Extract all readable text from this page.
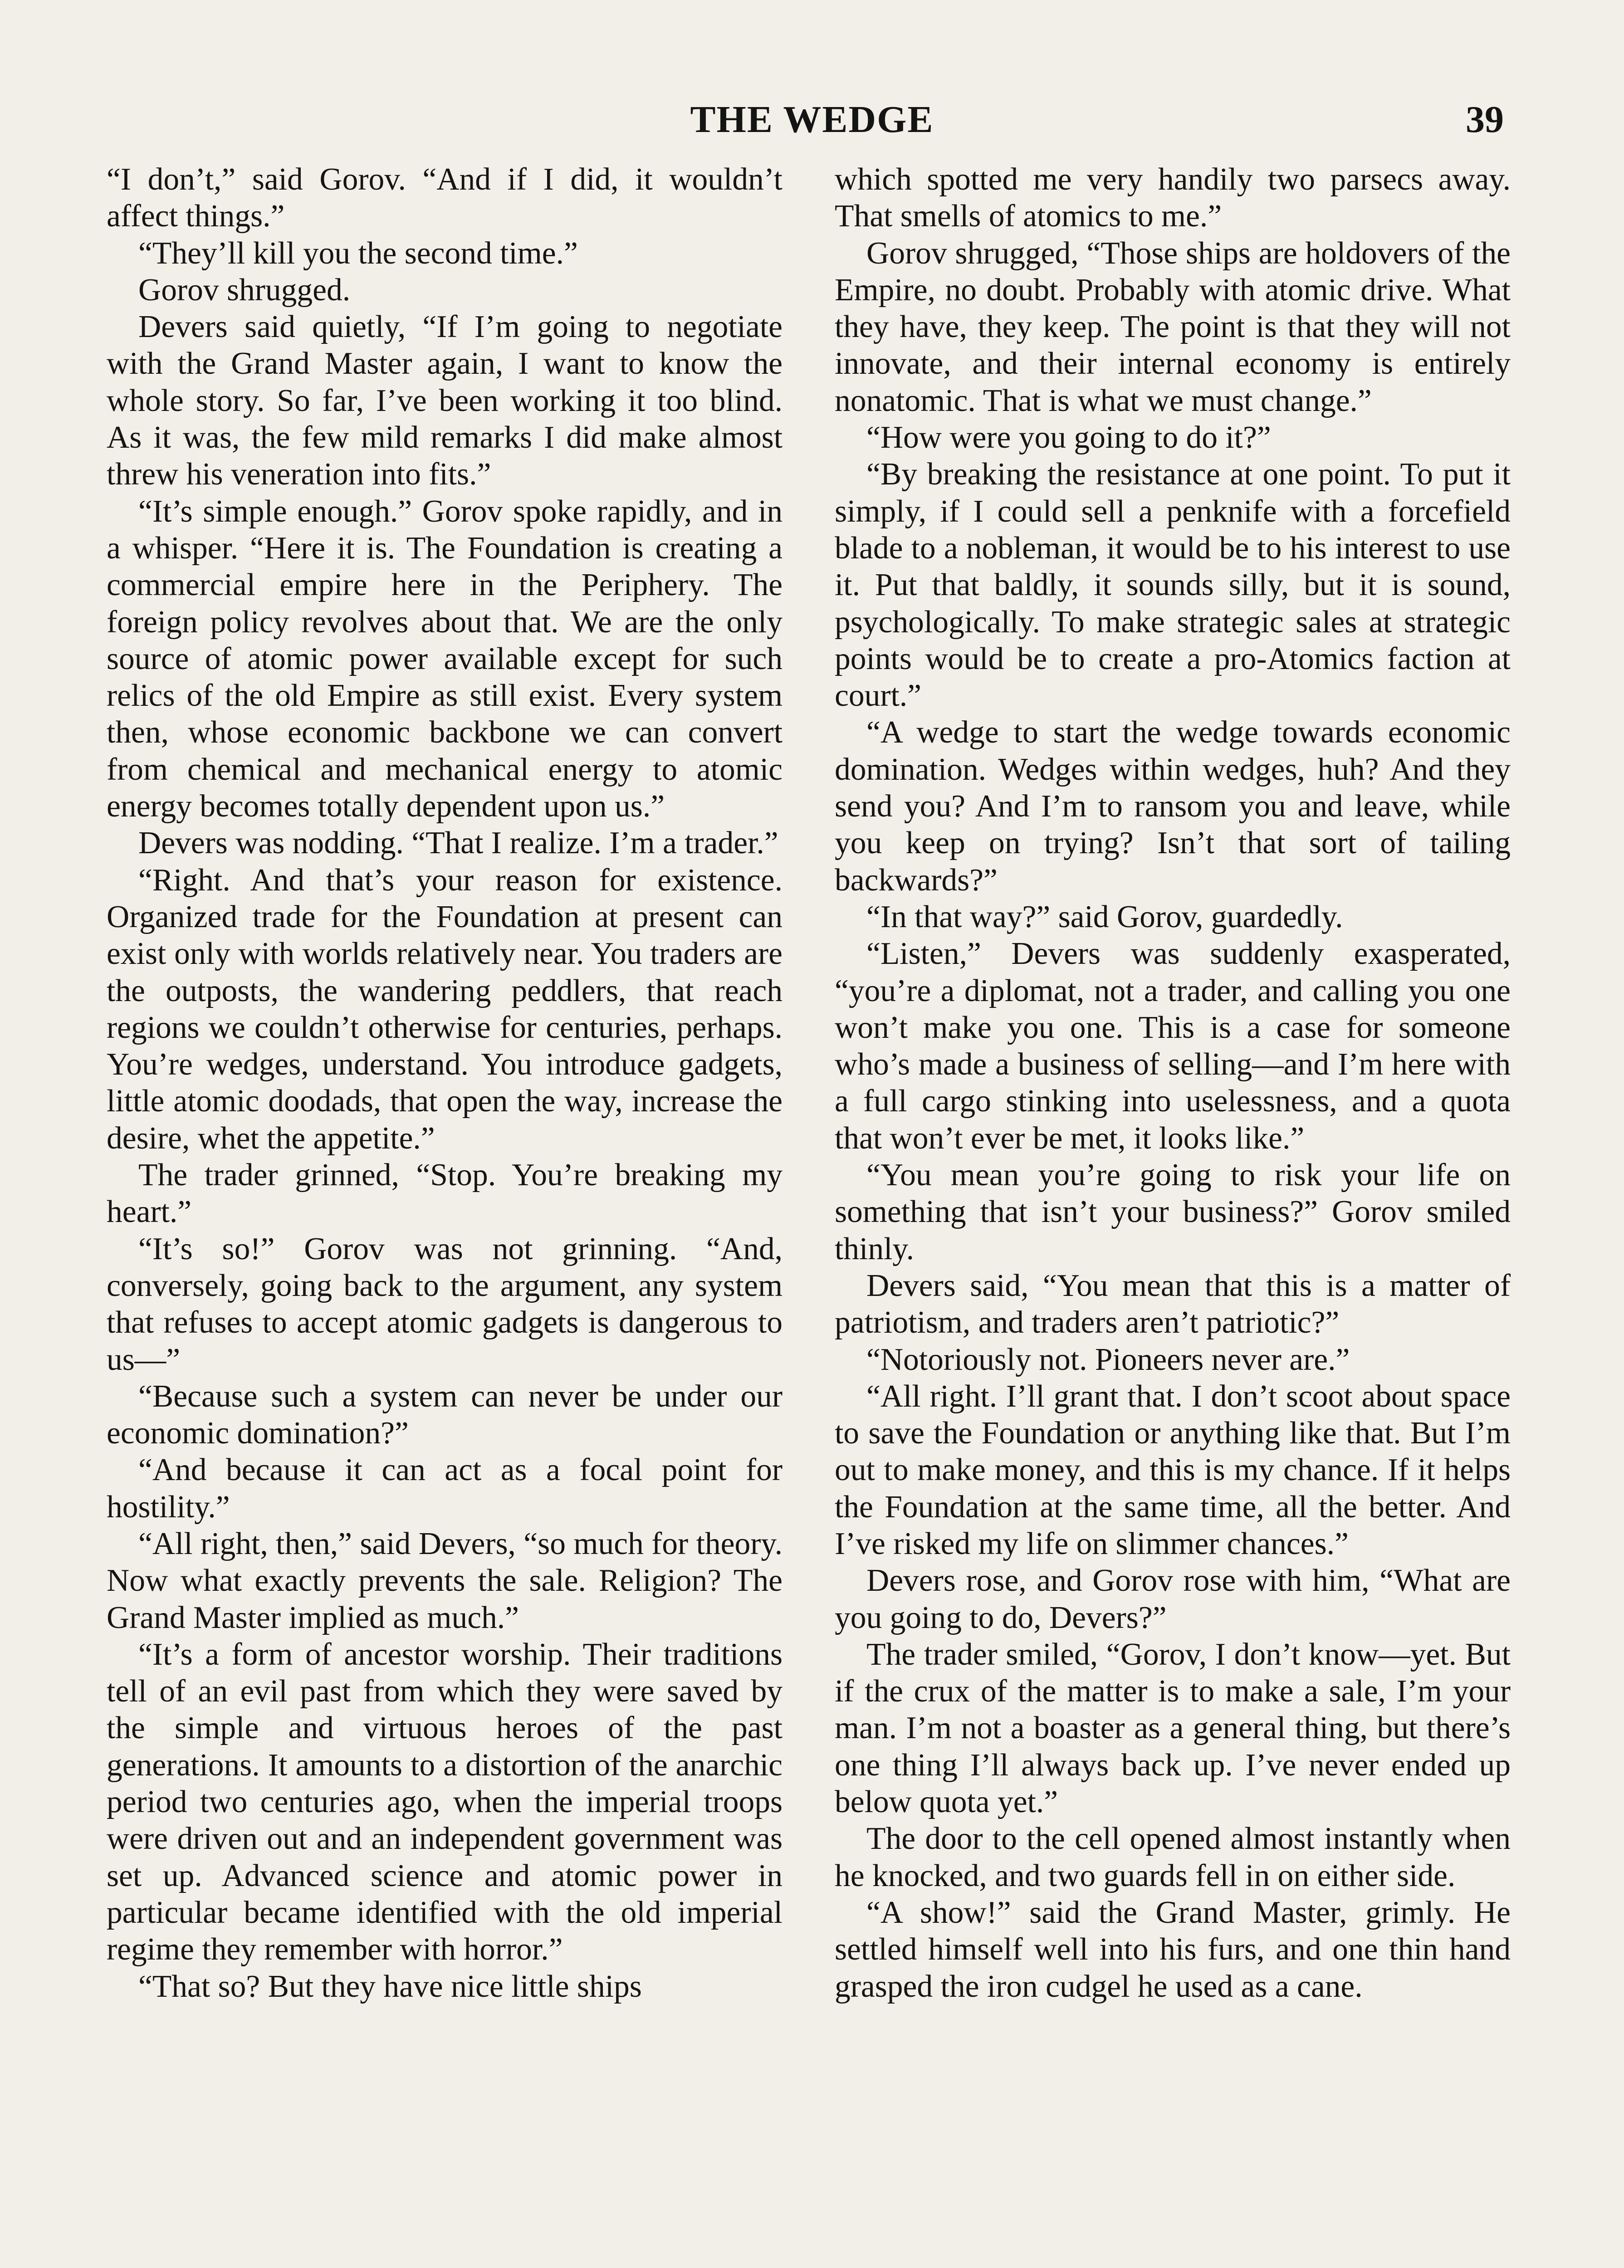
THE WEDGE	39

“I don’t,” said Gorov. “And if I did, it wouldn’t affect things.”

“They’ll kill you the second time.”

Gorov shrugged.

Devers said quietly, “If I’m going to negotiate with the Grand Master again, I want to know the whole story. So far, I’ve been working it too blind. As it was, the few mild remarks I did make almost threw his veneration into fits.”

“It’s simple enough.” Gorov spoke rapidly, and in a whisper. “Here it is. The Foundation is creating a commercial empire here in the Periphery. The foreign policy revolves about that. We are the only source of atomic power available except for such relics of the old Empire as still exist. Every system then, whose economic backbone we can convert from chemical and mechanical energy to atomic energy becomes totally dependent upon us.”

Devers was nodding. “That I realize. I’m a trader.”

“Right. And that’s your reason for existence. Organized trade for the Foundation at present can exist only with worlds relatively near. You traders are the outposts, the wandering peddlers, that reach regions we couldn’t otherwise for centuries, perhaps. You’re wedges, understand. You introduce gadgets, little atomic doodads, that open the way, increase the desire, whet the appetite.”

The trader grinned, “Stop. You’re breaking my heart.”

“It’s so!” Gorov was not grinning. “And, conversely, going back to the argument, any system that refuses to accept atomic gadgets is dangerous to us—”

“Because such a system can never be under our economic domination?”

“And because it can act as a focal point for hostility.”

“All right, then,” said Devers, “so much for theory. Now what exactly prevents the sale. Religion? The Grand Master implied as much.”

“It’s a form of ancestor worship. Their traditions tell of an evil past from which they were saved by the simple and virtuous heroes of the past generations. It amounts to a distortion of the anarchic period two centuries ago, when the imperial troops were driven out and an independent government was set up. Advanced science and atomic power in particular became identified with the old imperial regime they remember with horror.”

“That so? But they have nice little ships

which spotted me very handily two parsecs away. That smells of atomics to me.”

Gorov shrugged, “Those ships are holdovers of the Empire, no doubt. Probably with atomic drive. What they have, they keep. The point is that they will not innovate, and their internal economy is entirely nonatomic. That is what we must change.”

“How were you going to do it?”

“By breaking the resistance at one point. To put it simply, if I could sell a penknife with a forcefield blade to a nobleman, it would be to his interest to use it. Put that baldly, it sounds silly, but it is sound, psychologically. To make strategic sales at strategic points would be to create a pro-Atomics faction at court.”

“A wedge to start the wedge towards economic domination. Wedges within wedges, huh? And they send you? And I’m to ransom you and leave, while you keep on trying? Isn’t that sort of tailing backwards?”

“In that way?” said Gorov, guardedly.

“Listen,” Devers was suddenly exasperated, “you’re a diplomat, not a trader, and calling you one won’t make you one. This is a case for someone who’s made a business of selling—and I’m here with a full cargo stinking into uselessness, and a quota that won’t ever be met, it looks like.”

“You mean you’re going to risk your life on something that isn’t your business?” Gorov smiled thinly.

Devers said, “You mean that this is a matter of patriotism, and traders aren’t patriotic?”

“Notoriously not. Pioneers never are.”

“All right. I’ll grant that. I don’t scoot about space to save the Foundation or anything like that. But I’m out to make money, and this is my chance. If it helps the Foundation at the same time, all the better. And I’ve risked my life on slimmer chances.”

Devers rose, and Gorov rose with him, “What are you going to do, Devers?”

The trader smiled, “Gorov, I don’t know—yet. But if the crux of the matter is to make a sale, I’m your man. I’m not a boaster as a general thing, but there’s one thing I’ll always back up. I’ve never ended up below quota yet.”

The door to the cell opened almost instantly when he knocked, and two guards fell in on either side.

“A show!” said the Grand Master, grimly. He settled himself well into his furs, and one thin hand grasped the iron cudgel he used as a cane.
